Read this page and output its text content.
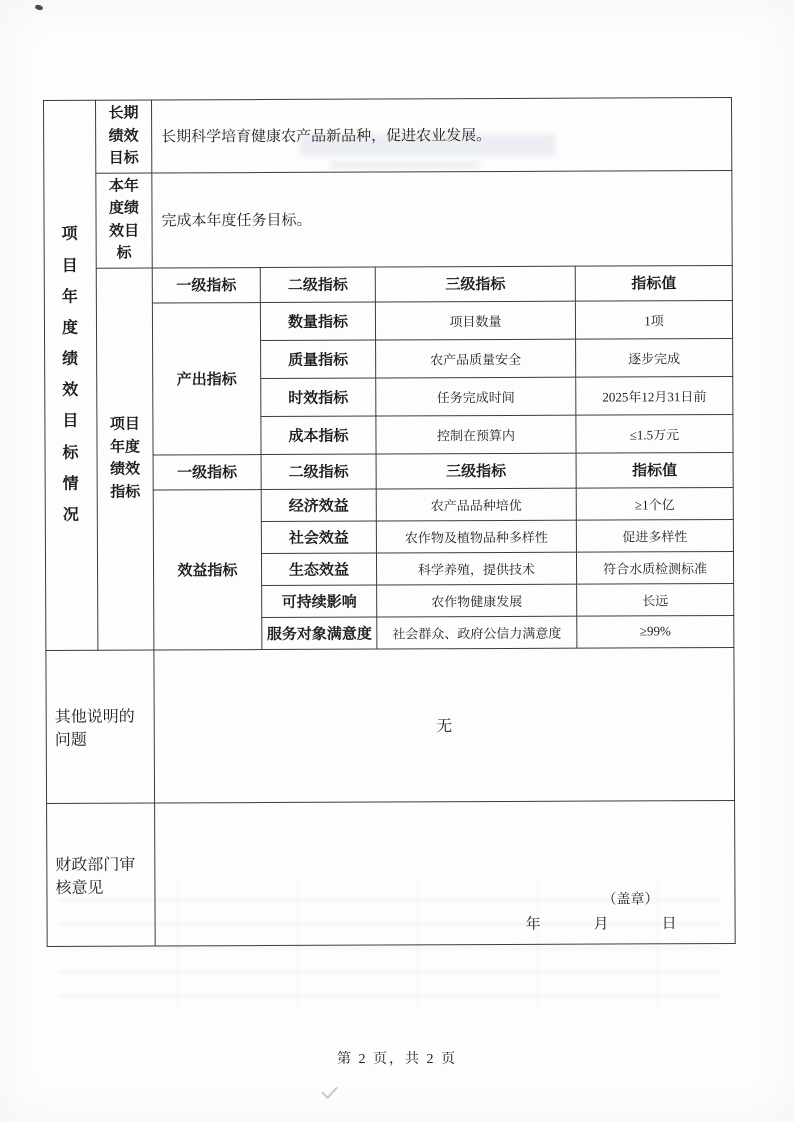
项目年度绩效目标情况	长期绩效目标	长期科学培育健康农产品新品种，促进农业发展。			

	本年度绩效目标	完成本年度任务目标。			

	项目年度绩效指标	一级指标	二级指标	三级指标	指标值
		产出指标	数量指标	项目数量	1项
			质量指标	农产品质量安全	逐步完成
			时效指标	任务完成时间	2025年12月31日前
			成本指标	控制在预算内	≤1.5万元
		一级指标	二级指标	三级指标	指标值
		效益指标	经济效益	农产品品种培优	≥1个亿
			社会效益	农作物及植物品种多样性	促进多样性
			生态效益	科学养殖，提供技术	符合水质检测标准
			可持续影响	农作物健康发展	长远
			服务对象满意度	社会群众、政府公信力满意度	≥99%
其他说明的问题		无			
财政部门审核意见		（盖章）
年　　　月　　　日			
第 2 页，共 2 页
